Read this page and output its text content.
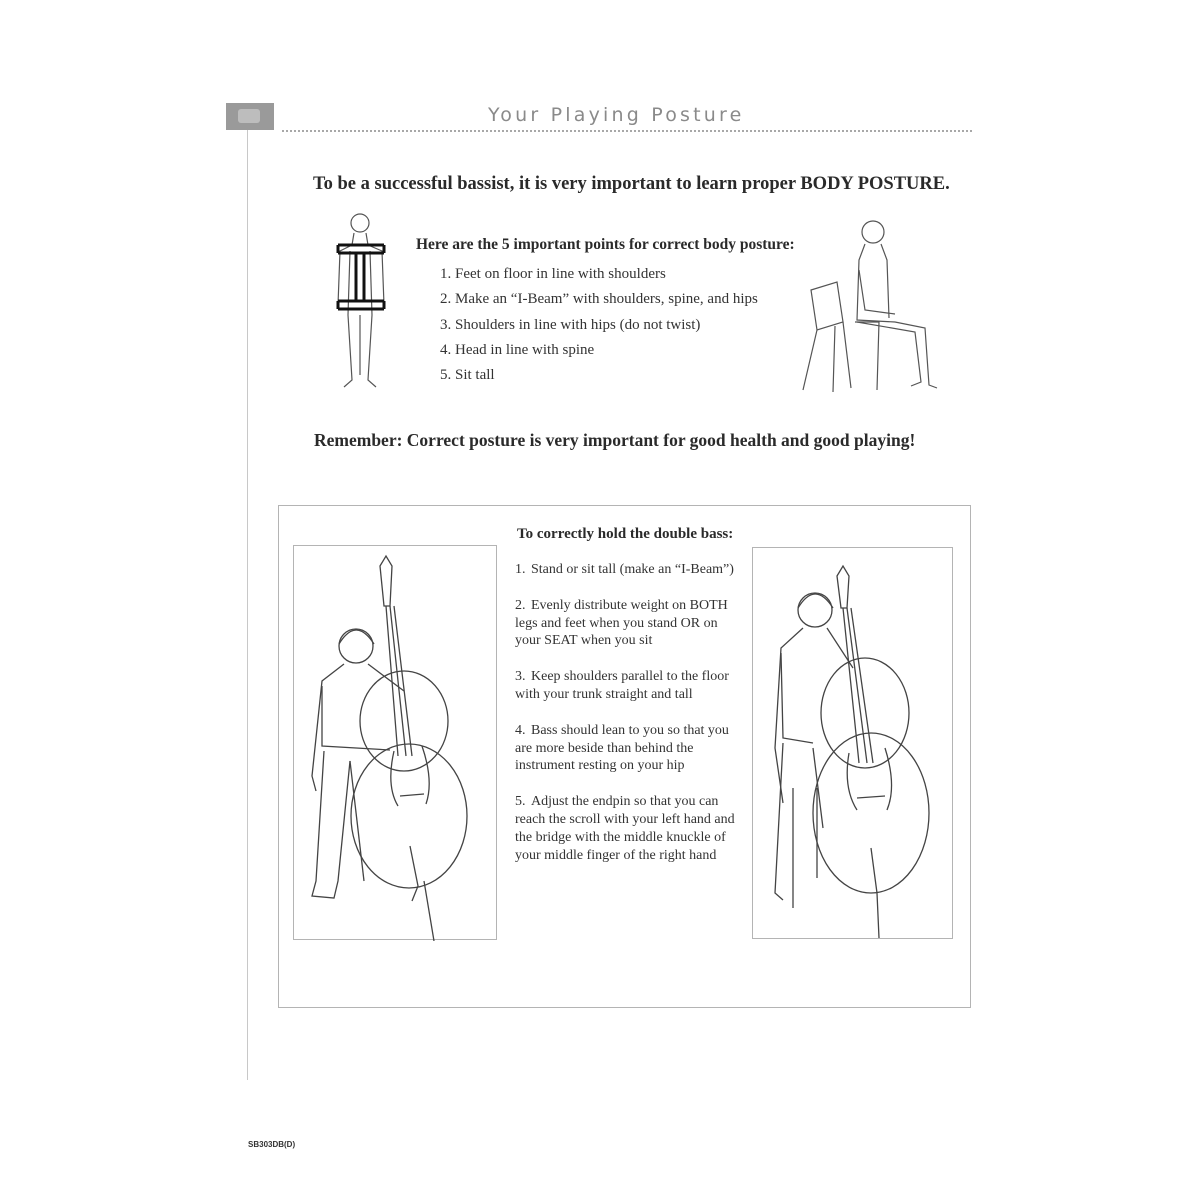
Your Playing Posture
To be a successful bassist, it is very important to learn proper BODY POSTURE.
Here are the 5 important points for correct body posture:
1. Feet on floor in line with shoulders
2. Make an “I-Beam” with shoulders, spine, and hips
3. Shoulders in line with hips (do not twist)
4. Head in line with spine
5. Sit tall
Remember: Correct posture is very important for good health and good playing!
To correctly hold the double bass:
1. Stand or sit tall (make an “I-Beam”)
2. Evenly distribute weight on BOTH legs and feet when you stand OR on your SEAT when you sit
3. Keep shoulders parallel to the floor with your trunk straight and tall
4. Bass should lean to you so that you are more beside than behind the instrument resting on your hip
5. Adjust the endpin so that you can reach the scroll with your left hand and the bridge with the middle knuckle of your middle finger of the right hand
SB303DB(D)
